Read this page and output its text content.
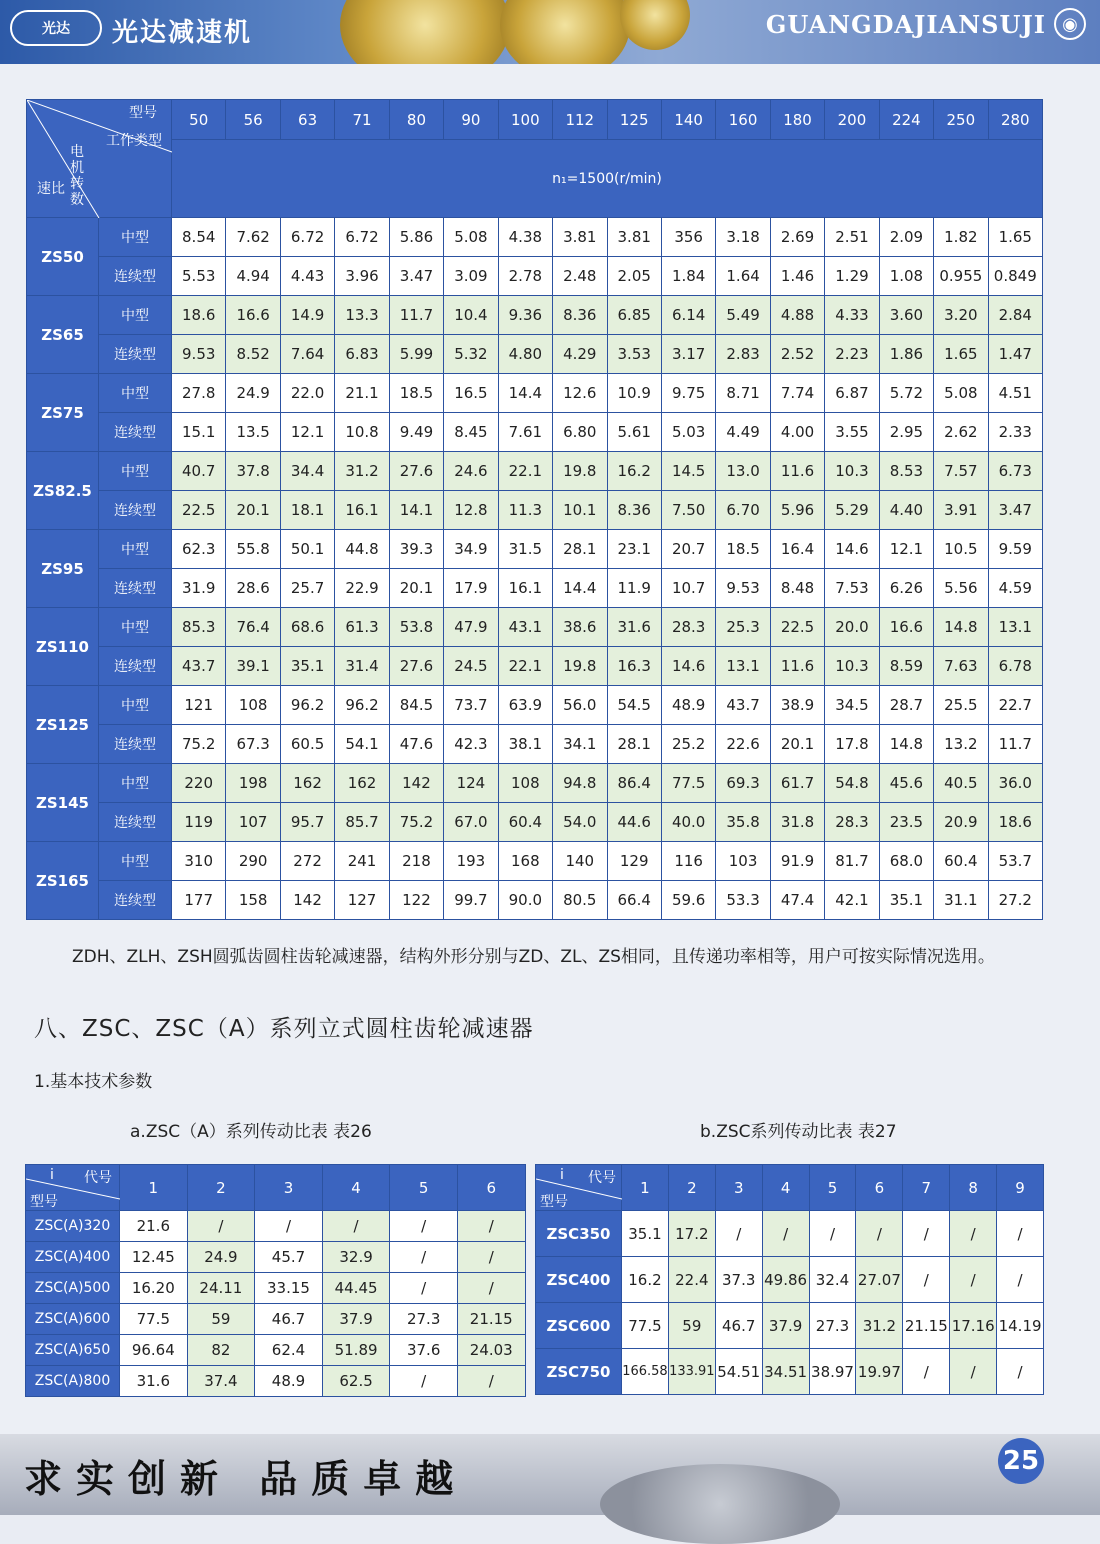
光达	光达减速机	GUANGDAJIANSUJI ◉
型号
工作类型
电机转数
速比		50	56	63	71	80	90	100	112	125	140	160	180	200	224	250	280
		n₁=1500(r/min)															
ZS50	中型	8.54	7.62	6.72	6.72	5.86	5.08	4.38	3.81	3.81	356	3.18	2.69	2.51	2.09	1.82	1.65
	连续型	5.53	4.94	4.43	3.96	3.47	3.09	2.78	2.48	2.05	1.84	1.64	1.46	1.29	1.08	0.955	0.849
ZS65	中型	18.6	16.6	14.9	13.3	11.7	10.4	9.36	8.36	6.85	6.14	5.49	4.88	4.33	3.60	3.20	2.84
	连续型	9.53	8.52	7.64	6.83	5.99	5.32	4.80	4.29	3.53	3.17	2.83	2.52	2.23	1.86	1.65	1.47
ZS75	中型	27.8	24.9	22.0	21.1	18.5	16.5	14.4	12.6	10.9	9.75	8.71	7.74	6.87	5.72	5.08	4.51
	连续型	15.1	13.5	12.1	10.8	9.49	8.45	7.61	6.80	5.61	5.03	4.49	4.00	3.55	2.95	2.62	2.33
ZS82.5	中型	40.7	37.8	34.4	31.2	27.6	24.6	22.1	19.8	16.2	14.5	13.0	11.6	10.3	8.53	7.57	6.73
	连续型	22.5	20.1	18.1	16.1	14.1	12.8	11.3	10.1	8.36	7.50	6.70	5.96	5.29	4.40	3.91	3.47
ZS95	中型	62.3	55.8	50.1	44.8	39.3	34.9	31.5	28.1	23.1	20.7	18.5	16.4	14.6	12.1	10.5	9.59
	连续型	31.9	28.6	25.7	22.9	20.1	17.9	16.1	14.4	11.9	10.7	9.53	8.48	7.53	6.26	5.56	4.59
ZS110	中型	85.3	76.4	68.6	61.3	53.8	47.9	43.1	38.6	31.6	28.3	25.3	22.5	20.0	16.6	14.8	13.1
	连续型	43.7	39.1	35.1	31.4	27.6	24.5	22.1	19.8	16.3	14.6	13.1	11.6	10.3	8.59	7.63	6.78
ZS125	中型	121	108	96.2	96.2	84.5	73.7	63.9	56.0	54.5	48.9	43.7	38.9	34.5	28.7	25.5	22.7
	连续型	75.2	67.3	60.5	54.1	47.6	42.3	38.1	34.1	28.1	25.2	22.6	20.1	17.8	14.8	13.2	11.7
ZS145	中型	220	198	162	162	142	124	108	94.8	86.4	77.5	69.3	61.7	54.8	45.6	40.5	36.0
	连续型	119	107	95.7	85.7	75.2	67.0	60.4	54.0	44.6	40.0	35.8	31.8	28.3	23.5	20.9	18.6
ZS165	中型	310	290	272	241	218	193	168	140	129	116	103	91.9	81.7	68.0	60.4	53.7
	连续型	177	158	142	127	122	99.7	90.0	80.5	66.4	59.6	53.3	47.4	42.1	35.1	31.1	27.2
ZDH、ZLH、ZSH圆弧齿圆柱齿轮减速器，结构外形分别与ZD、ZL、ZS相同，且传递功率相等，用户可按实际情况选用。
八、ZSC、ZSC（A）系列立式圆柱齿轮减速器
1.基本技术参数
a.ZSC（A）系列传动比表 表26	b.ZSC系列传动比表 表27
i 代号
型号	1	2	3	4	5	6
ZSC(A)320	21.6	/	/	/	/	/
ZSC(A)400	12.45	24.9	45.7	32.9	/	/
ZSC(A)500	16.20	24.11	33.15	44.45	/	/
ZSC(A)600	77.5	59	46.7	37.9	27.3	21.15
ZSC(A)650	96.64	82	62.4	51.89	37.6	24.03
ZSC(A)800	31.6	37.4	48.9	62.5	/	/
i 代号
型号	1	2	3	4	5	6	7	8	9
ZSC350	35.1	17.2	/	/	/	/	/	/	/
ZSC400	16.2	22.4	37.3	49.86	32.4	27.07	/	/	/
ZSC600	77.5	59	46.7	37.9	27.3	31.2	21.15	17.16	14.19
ZSC750	166.58	133.91	54.51	34.51	38.97	19.97	/	/	/
求实创新 品质卓越	25
